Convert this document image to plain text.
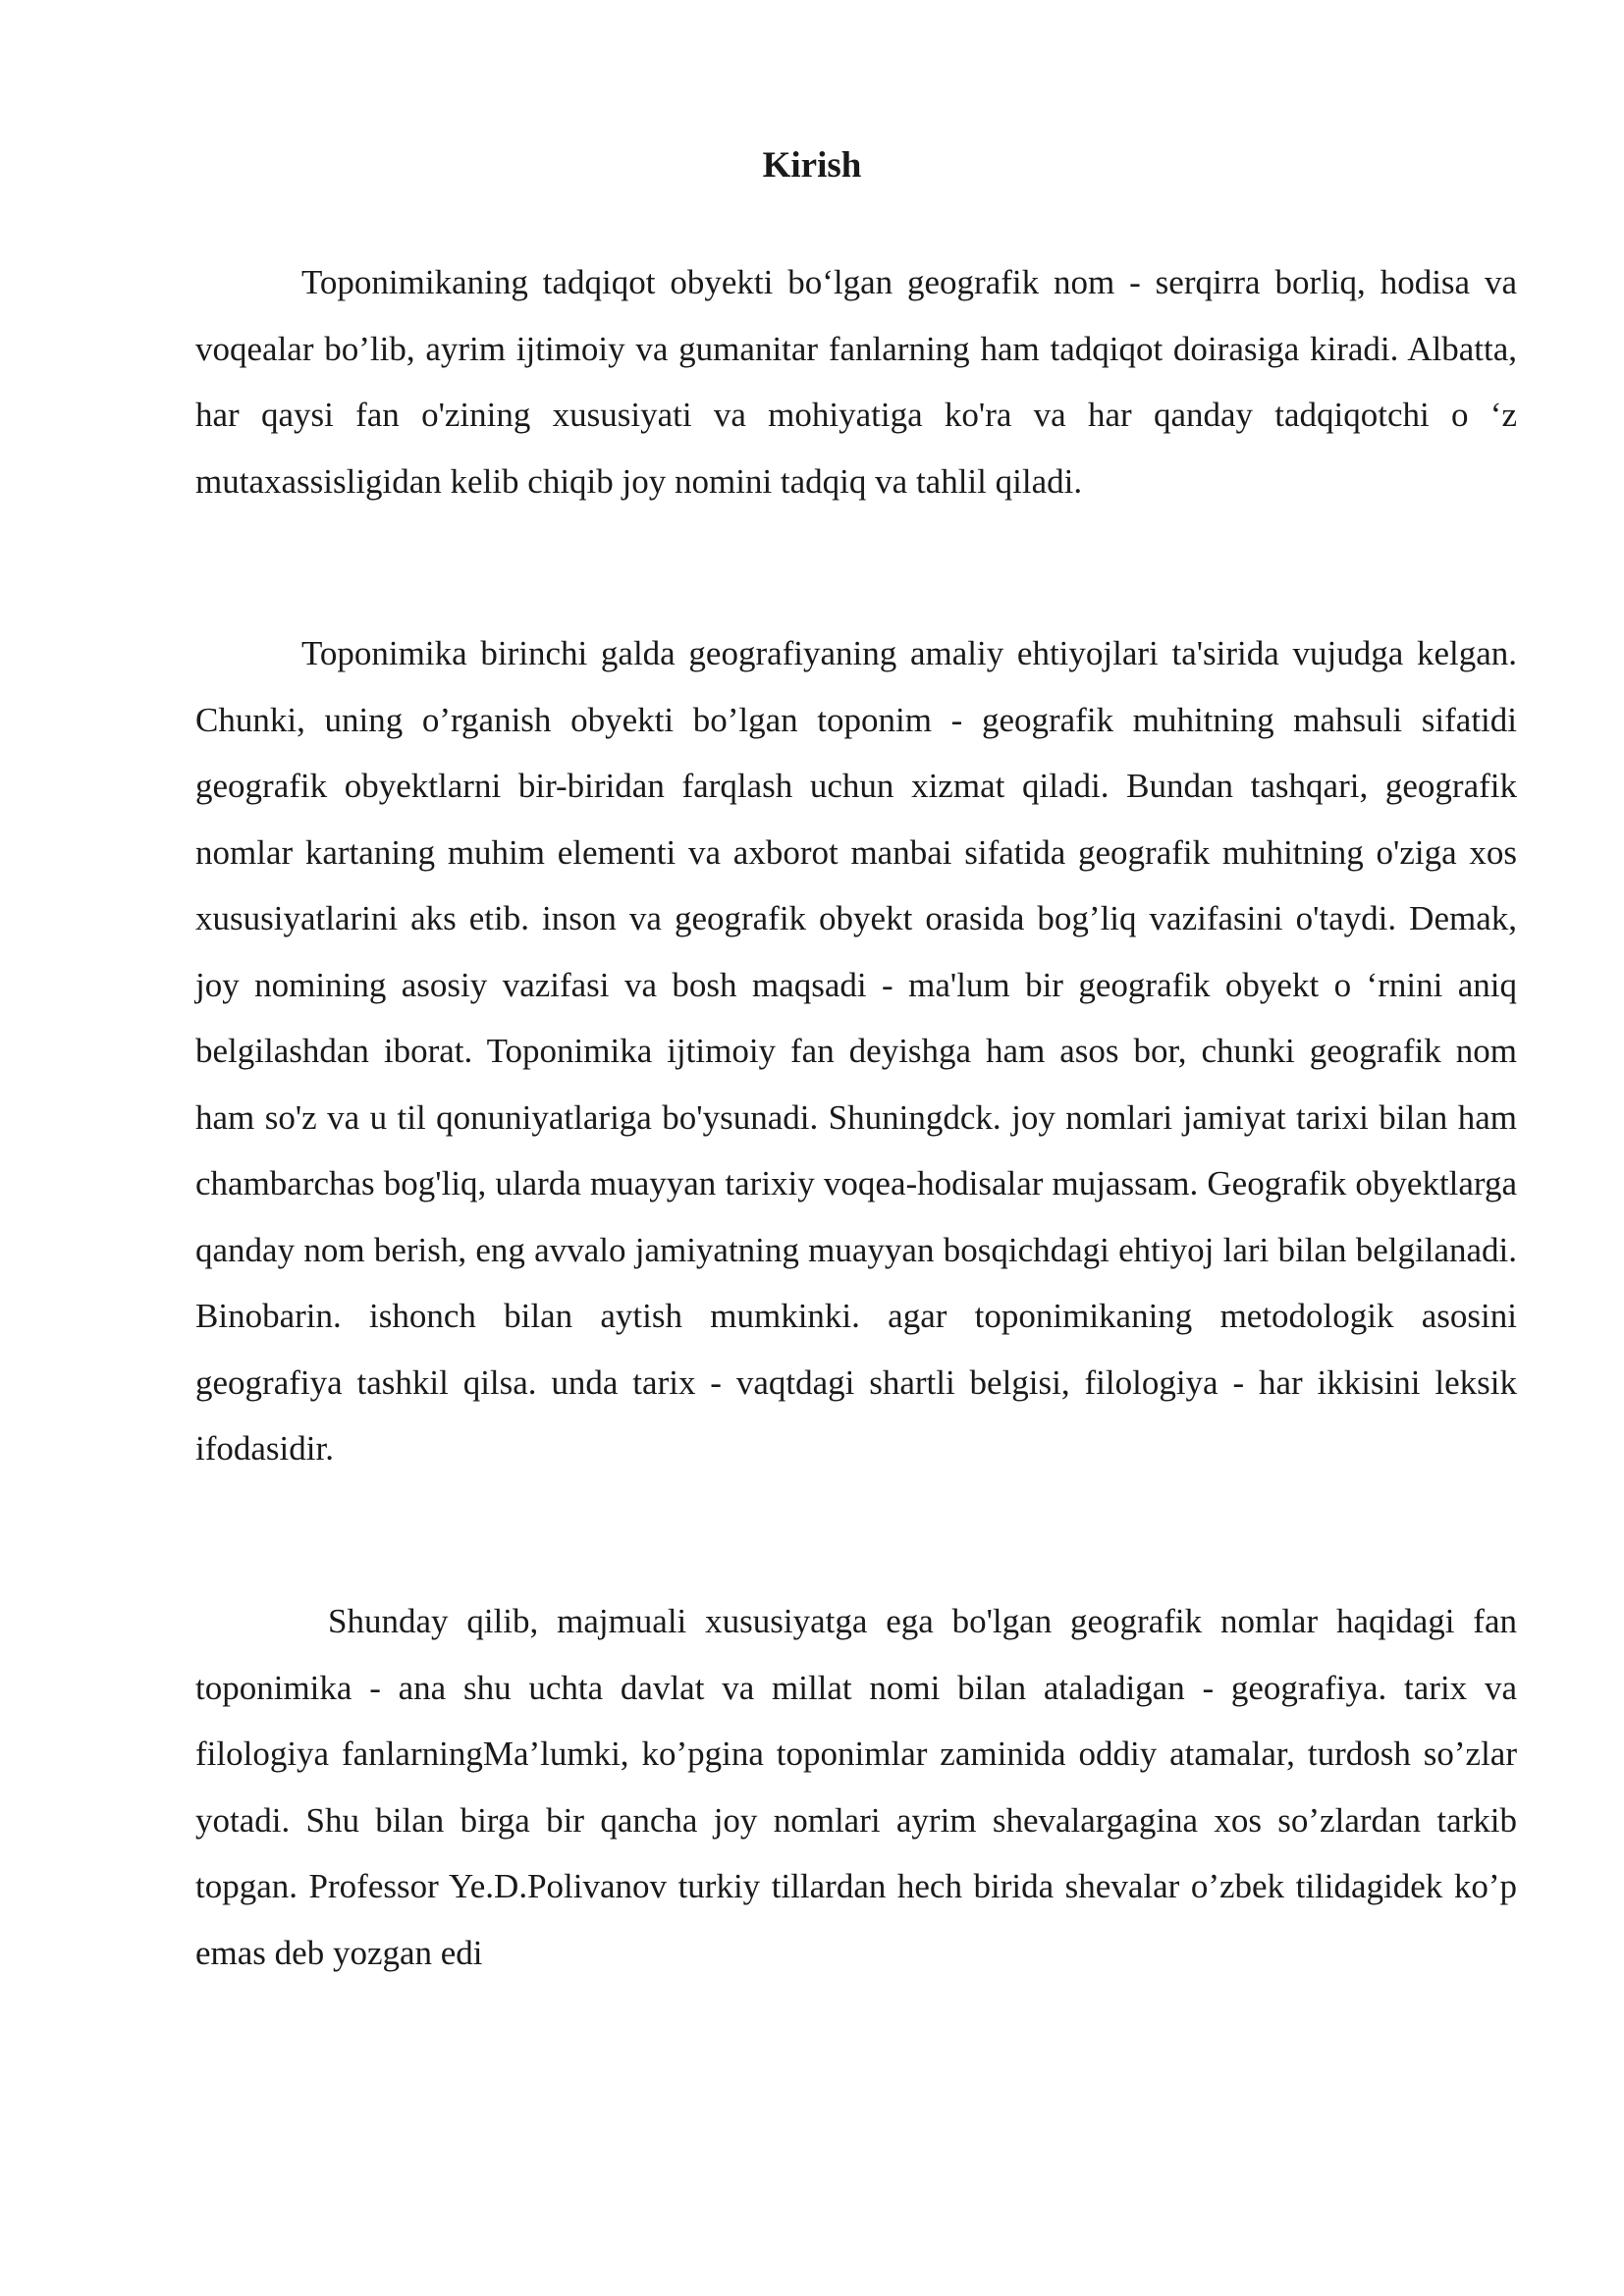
Kirish

Toponimikaning tadqiqot obyekti bo‘lgan geografik nom - serqirra borliq, hodisa va voqealar bo’lib, ayrim ijtimoiy va gumanitar fanlarning ham tadqiqot doirasiga kiradi. Albatta, har qaysi fan o'zining xususiyati va mohiyatiga ko'ra va har qanday tadqiqotchi o ‘z mutaxassisligidan kelib chiqib joy nomini tadqiq va tahlil qiladi.

Toponimika birinchi galda geografiyaning amaliy ehtiyojlari ta'sirida vujudga kelgan. Chunki, uning o’rganish obyekti bo’lgan toponim - geografik muhitning mahsuli sifatidi geografik obyektlarni bir-biridan farqlash uchun xizmat qiladi. Bundan tashqari, geografik nomlar kartaning muhim elementi va axborot manbai sifatida geografik muhitning o'ziga xos xususiyatlarini aks etib. inson va geografik obyekt orasida bog’liq vazifasini o'taydi. Demak, joy nomining asosiy vazifasi va bosh maqsadi - ma'lum bir geografik obyekt o ‘rnini aniq belgilashdan iborat. Toponimika ijtimoiy fan deyishga ham asos bor, chunki geografik nom ham so'z va u til qonuniyatlariga bo'ysunadi. Shuningdck. joy nomlari jamiyat tarixi bilan ham chambarchas bog'liq, ularda muayyan tarixiy voqea-hodisalar mujassam. Geografik obyektlarga qanday nom berish, eng avvalo jamiyatning muayyan bosqichdagi ehtiyoj lari bilan belgilanadi. Binobarin. ishonch bilan aytish mumkinki. agar toponimikaning metodologik asosini geografiya tashkil qilsa. unda tarix - vaqtdagi shartli belgisi, filologiya - har ikkisini leksik ifodasidir.

Shunday qilib, majmuali xususiyatga ega bo'lgan geografik nomlar haqidagi fan toponimika - ana shu uchta davlat va millat nomi bilan ataladigan - geografiya. tarix va filologiya fanlarningMa’lumki, ko’pgina toponimlar zaminida oddiy atamalar, turdosh so’zlar yotadi. Shu bilan birga bir qancha joy nomlari ayrim shevalargagina xos so’zlardan tarkib topgan. Professor Ye.D.Polivanov turkiy tillardan hech birida shevalar o’zbek tilidagidek ko’p emas deb yozgan edi
